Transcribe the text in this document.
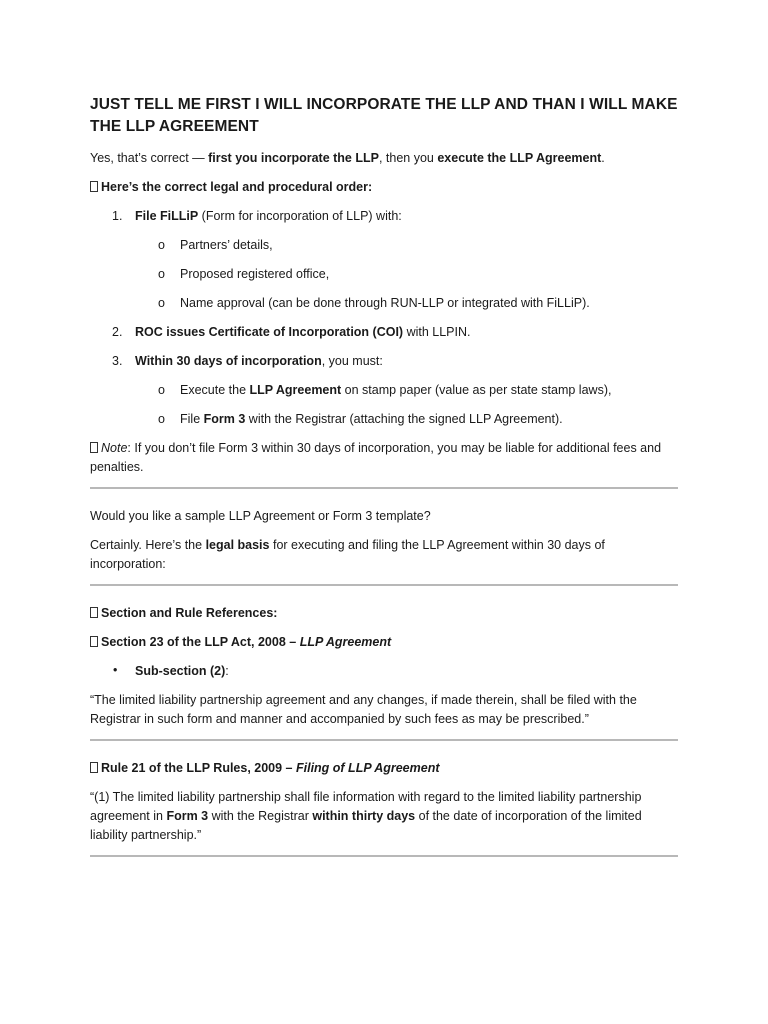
JUST TELL ME FIRST I WILL INCORPORATE THE LLP AND THAN I WILL MAKE THE LLP AGREEMENT

Yes, that’s correct — first you incorporate the LLP, then you execute the LLP Agreement.

Here’s the correct legal and procedural order:

1. File FiLLiP (Form for incorporation of LLP) with:
o Partners’ details,
o Proposed registered office,
o Name approval (can be done through RUN-LLP or integrated with FiLLiP).
2. ROC issues Certificate of Incorporation (COI) with LLPIN.
3. Within 30 days of incorporation, you must:
o Execute the LLP Agreement on stamp paper (value as per state stamp laws),
o File Form 3 with the Registrar (attaching the signed LLP Agreement).

Note: If you don’t file Form 3 within 30 days of incorporation, you may be liable for additional fees and penalties.

Would you like a sample LLP Agreement or Form 3 template?

Certainly. Here’s the legal basis for executing and filing the LLP Agreement within 30 days of incorporation:

Section and Rule References:

Section 23 of the LLP Act, 2008 – LLP Agreement

• Sub-section (2):

“The limited liability partnership agreement and any changes, if made therein, shall be filed with the Registrar in such form and manner and accompanied by such fees as may be prescribed.”

Rule 21 of the LLP Rules, 2009 – Filing of LLP Agreement

“(1) The limited liability partnership shall file information with regard to the limited liability partnership agreement in Form 3 with the Registrar within thirty days of the date of incorporation of the limited liability partnership.”
